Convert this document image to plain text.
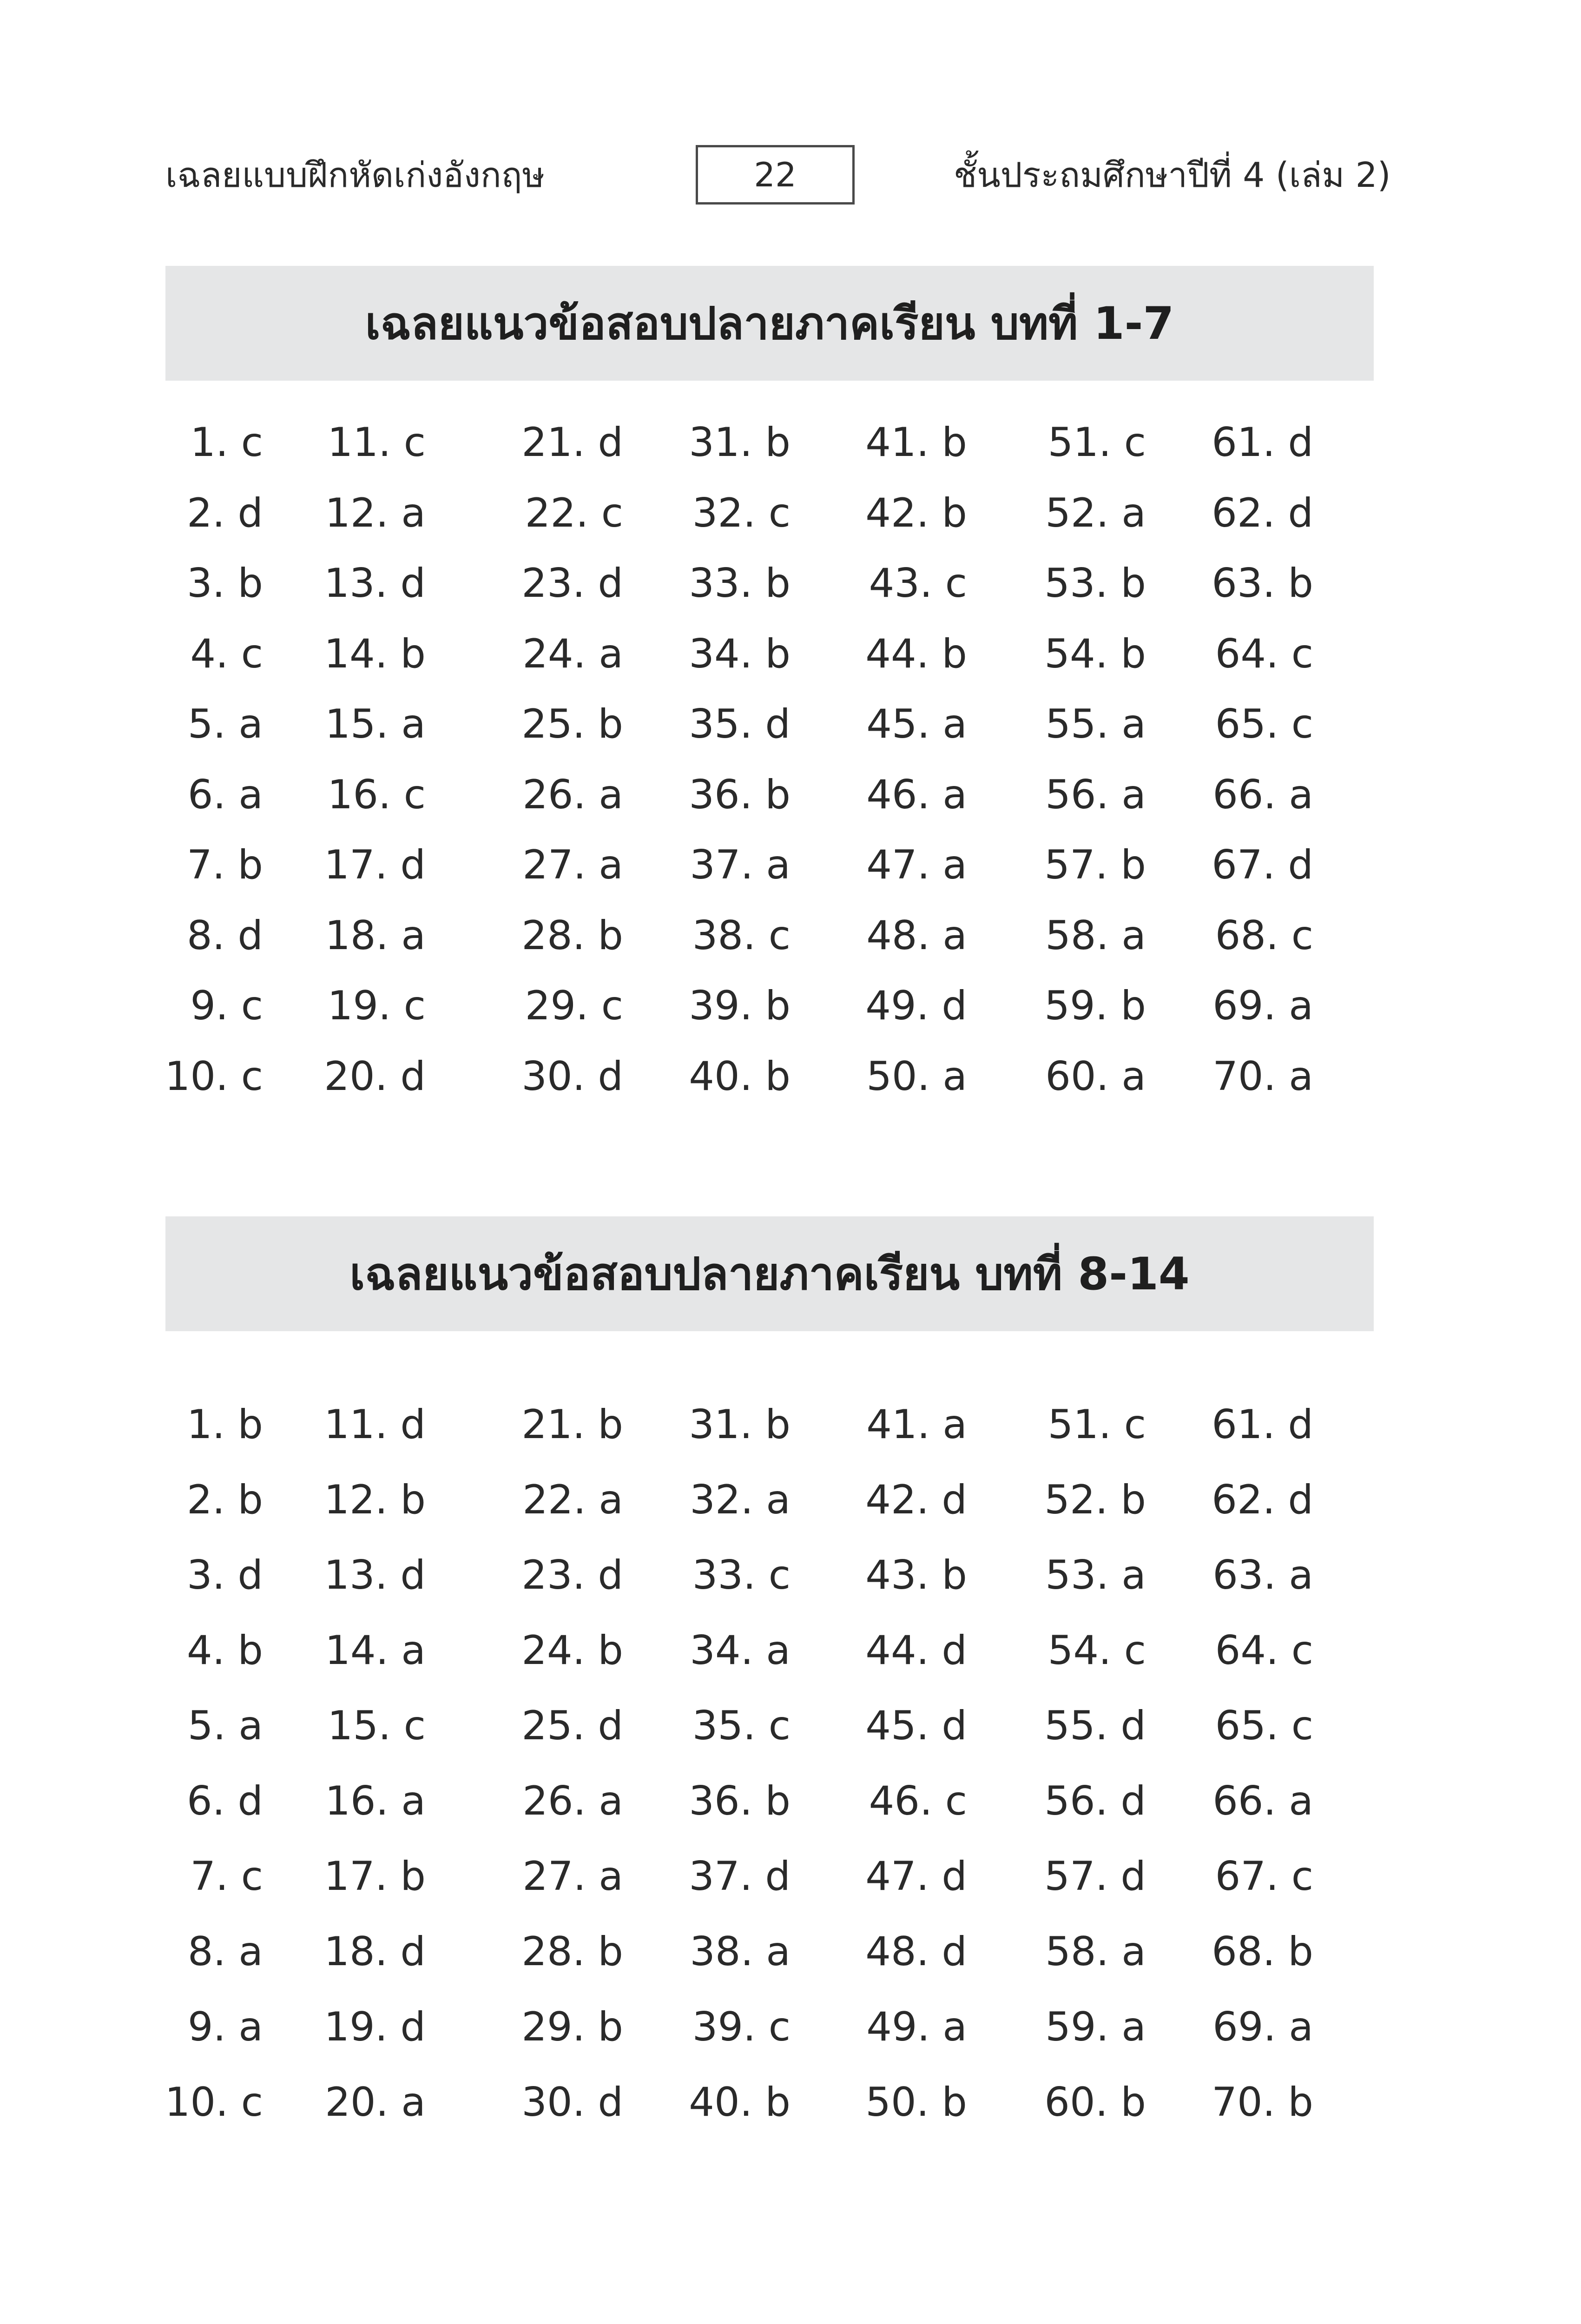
เฉลยแบบฝึกหัดเก่งอังกฤษ	22	ชั้นประถมศึกษาปีที่ 4 (เล่ม 2)
เฉลยแนวข้อสอบปลายภาคเรียน บทที่ 1-7
1. c
2. d
3. b
4. c
5. a
6. a
7. b
8. d
9. c
10. c
11. c
12. a
13. d
14. b
15. a
16. c
17. d
18. a
19. c
20. d
21. d
22. c
23. d
24. a
25. b
26. a
27. a
28. b
29. c
30. d
31. b
32. c
33. b
34. b
35. d
36. b
37. a
38. c
39. b
40. b
41. b
42. b
43. c
44. b
45. a
46. a
47. a
48. a
49. d
50. a
51. c
52. a
53. b
54. b
55. a
56. a
57. b
58. a
59. b
60. a
61. d
62. d
63. b
64. c
65. c
66. a
67. d
68. c
69. a
70. a
เฉลยแนวข้อสอบปลายภาคเรียน บทที่ 8-14
1. b
2. b
3. d
4. b
5. a
6. d
7. c
8. a
9. a
10. c
11. d
12. b
13. d
14. a
15. c
16. a
17. b
18. d
19. d
20. a
21. b
22. a
23. d
24. b
25. d
26. a
27. a
28. b
29. b
30. d
31. b
32. a
33. c
34. a
35. c
36. b
37. d
38. a
39. c
40. b
41. a
42. d
43. b
44. d
45. d
46. c
47. d
48. d
49. a
50. b
51. c
52. b
53. a
54. c
55. d
56. d
57. d
58. a
59. a
60. b
61. d
62. d
63. a
64. c
65. c
66. a
67. c
68. b
69. a
70. b
